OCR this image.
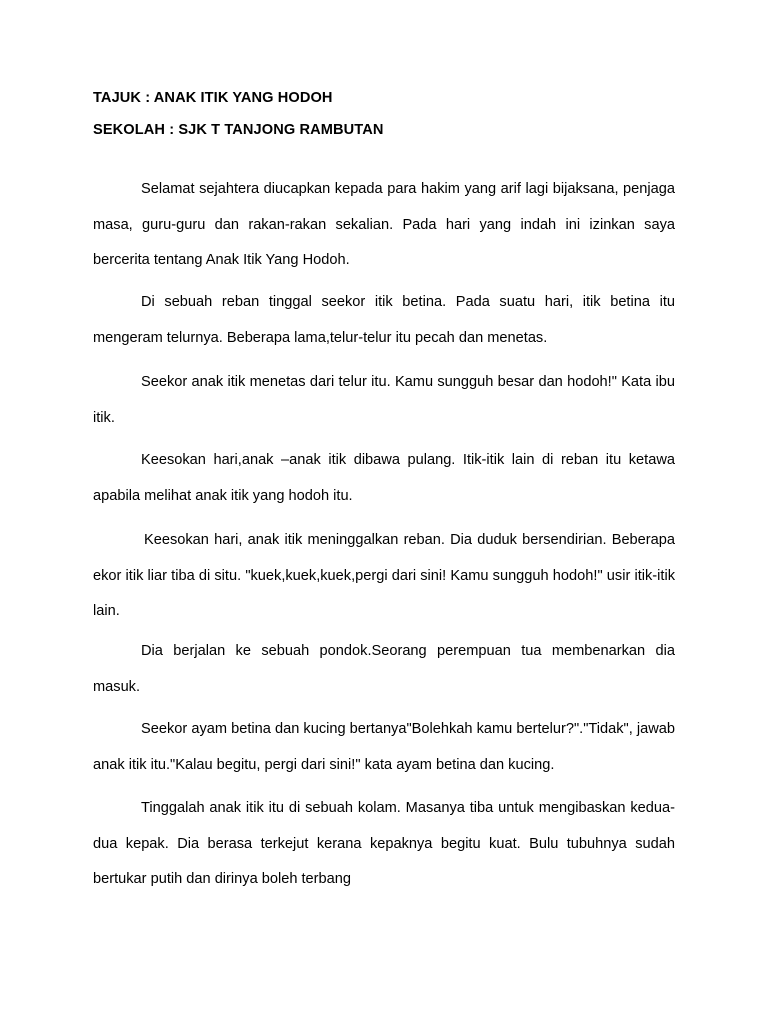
TAJUK : ANAK ITIK YANG HODOH

SEKOLAH : SJK T TANJONG RAMBUTAN

Selamat sejahtera diucapkan kepada para hakim yang arif lagi bijaksana, penjaga masa, guru-guru dan rakan-rakan sekalian. Pada hari yang indah ini izinkan saya bercerita tentang Anak Itik Yang Hodoh.

Di sebuah reban tinggal seekor itik betina. Pada suatu hari, itik betina itu mengeram telurnya. Beberapa lama,telur-telur itu pecah dan menetas.

Seekor anak itik menetas dari telur itu. Kamu sungguh besar dan hodoh!" Kata ibu itik.

Keesokan hari,anak –anak itik dibawa pulang. Itik-itik lain di reban itu ketawa apabila melihat anak itik yang hodoh itu.

Keesokan hari, anak itik meninggalkan reban. Dia duduk bersendirian. Beberapa ekor itik liar tiba di situ. "kuek,kuek,kuek,pergi dari sini! Kamu sungguh hodoh!" usir itik-itik lain.

Dia berjalan ke sebuah pondok.Seorang perempuan tua membenarkan dia masuk.

Seekor ayam betina dan kucing bertanya"Bolehkah kamu bertelur?"."Tidak", jawab anak itik itu."Kalau begitu, pergi dari sini!" kata ayam betina dan kucing.

Tinggalah anak itik itu di sebuah kolam. Masanya tiba untuk mengibaskan kedua-dua kepak. Dia berasa terkejut kerana kepaknya begitu kuat. Bulu tubuhnya sudah bertukar putih dan dirinya boleh terbang
